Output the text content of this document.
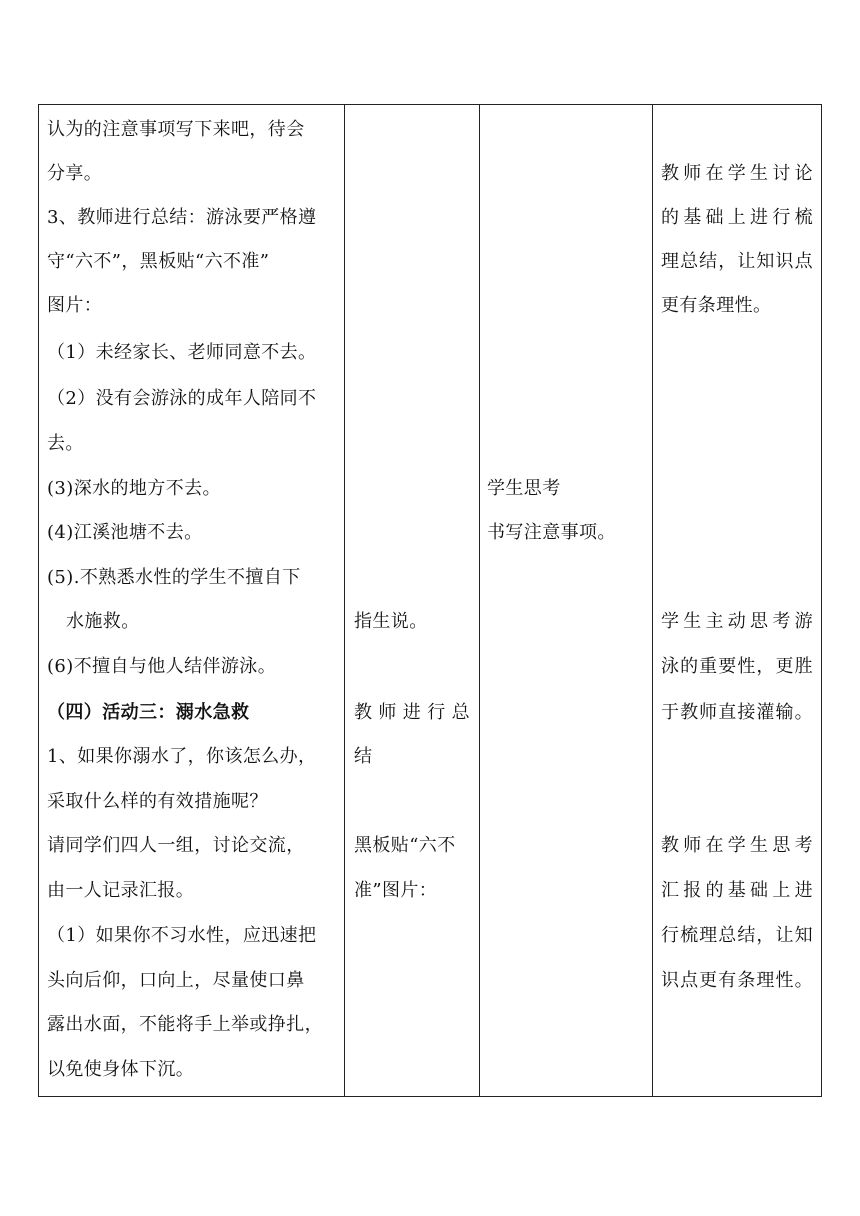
认为的注意事项写下来吧，待会
分享。
3、教师进行总结：游泳要严格遵
守“六不”，黑板贴“六不准”
图片：
（1）未经家长、老师同意不去。
（2）没有会游泳的成年人陪同不
去。
(3)深水的地方不去。
(4)江溪池塘不去。
(5).不熟悉水性的学生不擅自下
水施救。
(6)不擅自与他人结伴游泳。
（四）活动三：溺水急救
1、如果你溺水了，你该怎么办，
采取什么样的有效措施呢？
请同学们四人一组，讨论交流，
由一人记录汇报。
（1）如果你不习水性，应迅速把
头向后仰，口向上，尽量使口鼻
露出水面，不能将手上举或挣扎，
以免使身体下沉。
指生说。
教师进行总
结
黑板贴“六不
准”图片：
学生思考
书写注意事项。
教师在学生讨论
的基础上进行梳
理总结，让知识点
更有条理性。
学生主动思考游
泳的重要性，更胜
于教师直接灌输。
教师在学生思考
汇报的基础上进
行梳理总结，让知
识点更有条理性。
